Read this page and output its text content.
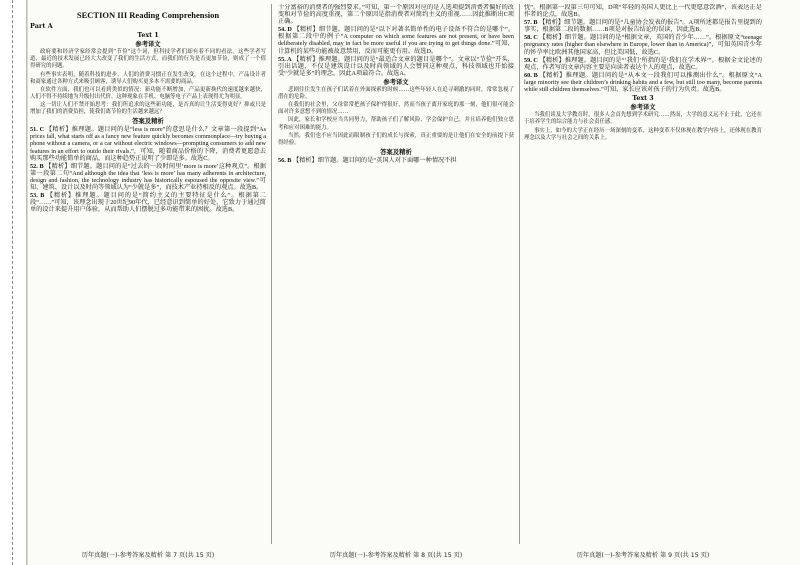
SECTION III Reading Comprehension
Part A
Text 1
参考译文

政府要和经济学家经常会提到“节俭”这个词，但科技学者们却有着不同的看法。这些学者写道，最近的技术发展已经大大改变了我们的生活方式，而我们的行为是否更加节俭，则成了一个值得研究的问题。

有些事实表明，随着科技的进步，人们的消费习惯正在发生改变。在这个过程中，产品设计者和商家通过各种方式来吸引顾客，诱导人们购买更多本不需要的商品。

在软件方面，我们也可以看到类似的情况：新功能不断增加，产品更新换代的速度越来越快，人们不得不持续地为升级付出代价。这种现象在手机、电脑等电子产品上表现得尤为明显。

这一切让人们不禁开始思考：我们所追求的这些新功能，是否真的让生活变得更好？抑或只是增加了我们的消费负担，使我们离节俭的生活越来越远？

答案及精析

51. C 【精析】推理题。题目问的是“less is more”的意思是什么？文章第一段提到“As prices fall, what starts off as a fancy new feature quickly becomes commonplace—try buying a phone without a camera, or a car without electric windows—prompting consumers to add new features in an effort to outdo their rivals.”，可知，随着商品价格的下降，消费者更愿意去购买那些功能简单的商品，而这种趋势正说明了少即是多。故选C。

52. B 【精析】细节题。题目问的是“过去的一段时间里‘more is more’这种观点”。根据第一段第二句“And although the idea that ‘less is more’ has many adherents in architecture, design and fashion, the technology industry has historically espoused the opposite view.”可知，建筑、设计以及时尚等领域认为“少就是多”，而技术产业持相反的观点。故选B。

53. B 【精析】推理题。题目问的是“简约主义的主要特征是什么”。根据第二段“……”可知，该理念出现于20世纪90年代，已经意识到简单的好处，它致力于通过简单的设计来提升用户体验，从而帮助人们摆脱过多功能带来的困扰。故选B。

十分富裕的消费者的强烈要求。”可知，第一个原因对应的是人选项提到消费者偏好的改变和对节俭的高度重视，第二个原因是指消费者对简约主义的重视……因此推断出C项正确。

54. D 【精析】细节题。题目问的是“以下对著名简单性的电子设备不符合的是哪个”。根据第二段中的例子“A computer on which some features are not present, or have been deliberately disabled, may in fact be more useful if you are trying to get things done.”可知，计算机的某些功能被故意禁用，反而可能更有用。故选D。

55. A 【精析】推理题。题目问的是“最适合文章的题目是哪个”。文章以“节俭”开头，引出话题，不仅是建筑设计以及时尚领域的人会赞同这种观点，科技领域也开始接受“少就是多”的理念，因此A项最符合。故选A。

参考译文

悲剧往往发生在孩子们试着在外面探索的时候……这些年轻人在追寻刺激的同时，常常忽视了潜在的危险。

在我们的社会里，父母常常把孩子保护得很好，然而当孩子离开家庭的那一刻，他们很可能会面对许多意想不到的情况……

因此，家长和学校应当共同努力，帮助孩子们了解风险、学会保护自己，并且培养他们独立思考和应对困难的能力。

当然，我们也不应当因此而限制孩子们的成长与探索，真正重要的是让他们在安全的前提下获得经验。

答案及精析

56. B 【精析】细节题。题目问的是“英国人对下面哪一种情况不担

忧”。根据第一段第三句可知，D项“年轻的英国人更比上一代更愿意饮酒”，该表达正是作者的论点，故选B。

57. B 【精析】细节题。题目问的是“儿童协会发表的报告”。A项所述都是报告里提到的事实，根据第二段的数据……B项是对报告结论的误读，因此选B。

58. C 【精析】细节题。题目问的是“根据文章，英国的青少年……”。根据原文“teenage pregnancy rates (higher than elsewhere in Europe, lower than in America)”，可知英国青少年的怀孕率比欧洲其他国家高，但比美国低，故选C。

59. C 【精析】推理题。题目问的是“‘我们’所指的是‘我们在学术界’”。根据全文论述的观点，作者写的文章内容主要是向读者表达个人的观点，故选C。

60. B 【精析】推理题。题目问的是“从本文一段我们可以推测出什么”。根据原文“A large minority see their children’s drinking habits and a few, but still too many, become parents while still children themselves.”可知，家长应该对孩子的行为负责。故选B。

Text 3
参考译文

当我们谈及大学教育时，很多人会首先想到学术研究……然而，大学的意义远不止于此，它还在于培养学生的综合能力与社会责任感。

事实上，如今的大学正在经历一场深刻的变革，这种变革不仅体现在教学内容上，还体现在教育理念以及大学与社会之间的关系上。

历年真题(一)-参考答案及精析 第 7 页(共 15 页)	历年真题(一)-参考答案及精析 第 8 页(共 15 页)	历年真题(一)-参考答案及精析 第 9 页(共 15 页)
